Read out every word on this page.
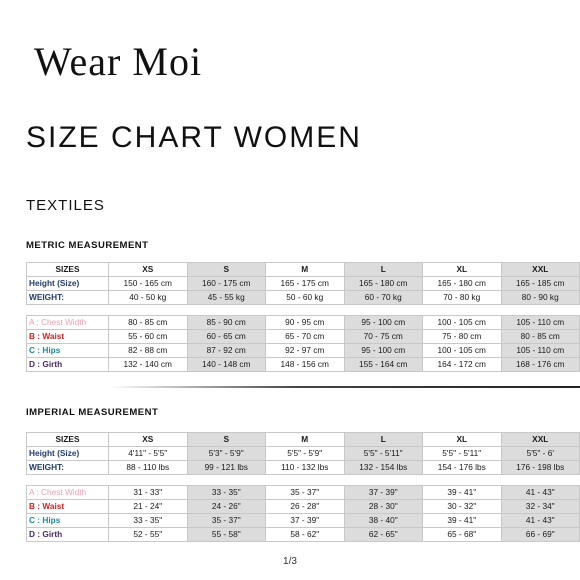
Wear Moi
SIZE CHART WOMEN
TEXTILES
METRIC MEASUREMENT
SIZES	XS	S	M	L	XL	XXL
Height (Size)	150 - 165 cm	160 - 175 cm	165 - 175 cm	165 - 180 cm	165 - 180 cm	165 - 185 cm
WEIGHT:	40 - 50 kg	45 - 55 kg	50 - 60 kg	60 - 70 kg	70 - 80 kg	80 - 90 kg

A : Chest Width	80 - 85 cm	85 - 90 cm	90 - 95 cm	95 - 100 cm	100 - 105 cm	105 - 110 cm
B : Waist	55 - 60 cm	60 - 65 cm	65 - 70 cm	70 - 75 cm	75 - 80 cm	80 - 85 cm
C : Hips	82 - 88 cm	87 - 92 cm	92 - 97 cm	95 - 100 cm	100 - 105 cm	105 - 110 cm
D : Girth	132 - 140 cm	140 - 148 cm	148 - 156 cm	155 - 164 cm	164 - 172 cm	168 - 176 cm
IMPERIAL MEASUREMENT
SIZES	XS	S	M	L	XL	XXL
Height (Size)	4'11" - 5'5"	5'3" - 5'9"	5'5" - 5'9"	5'5" - 5'11"	5'5" - 5'11"	5'5" - 6'
WEIGHT:	88 - 110 lbs	99 - 121 lbs	110 - 132 lbs	132 - 154 lbs	154 - 176 lbs	176 - 198 lbs

A : Chest Width	31 - 33"	33 - 35"	35 - 37"	37 - 39"	39 - 41"	41 - 43"
B : Waist	21 - 24"	24 - 26"	26 - 28"	28 - 30"	30 - 32"	32 - 34"
C : Hips	33 - 35"	35 - 37"	37 - 39"	38 - 40"	39 - 41"	41 - 43"
D : Girth	52 - 55"	55 - 58"	58 - 62"	62 - 65"	65 - 68"	66 - 69"
1/3
